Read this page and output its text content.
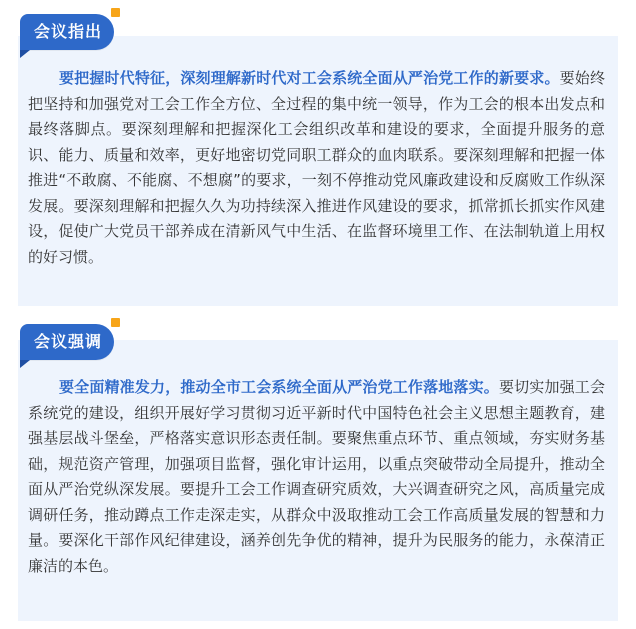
会议指出

要把握时代特征，深刻理解新时代对工会系统全面从严治党工作的新要求。要始终把坚持和加强党对工会工作全方位、全过程的集中统一领导，作为工会的根本出发点和最终落脚点。要深刻理解和把握深化工会组织改革和建设的要求，全面提升服务的意识、能力、质量和效率，更好地密切党同职工群众的血肉联系。要深刻理解和把握一体推进“不敢腐、不能腐、不想腐”的要求，一刻不停推动党风廉政建设和反腐败工作纵深发展。要深刻理解和把握久久为功持续深入推进作风建设的要求，抓常抓长抓实作风建设，促使广大党员干部养成在清新风气中生活、在监督环境里工作、在法制轨道上用权的好习惯。

会议强调

要全面精准发力，推动全市工会系统全面从严治党工作落地落实。要切实加强工会系统党的建设，组织开展好学习贯彻习近平新时代中国特色社会主义思想主题教育，建强基层战斗堡垒，严格落实意识形态责任制。要聚焦重点环节、重点领域，夯实财务基础，规范资产管理，加强项目监督，强化审计运用，以重点突破带动全局提升，推动全面从严治党纵深发展。要提升工会工作调查研究质效，大兴调查研究之风，高质量完成调研任务，推动蹲点工作走深走实，从群众中汲取推动工会工作高质量发展的智慧和力量。要深化干部作风纪律建设，涵养创先争优的精神，提升为民服务的能力，永葆清正廉洁的本色。
